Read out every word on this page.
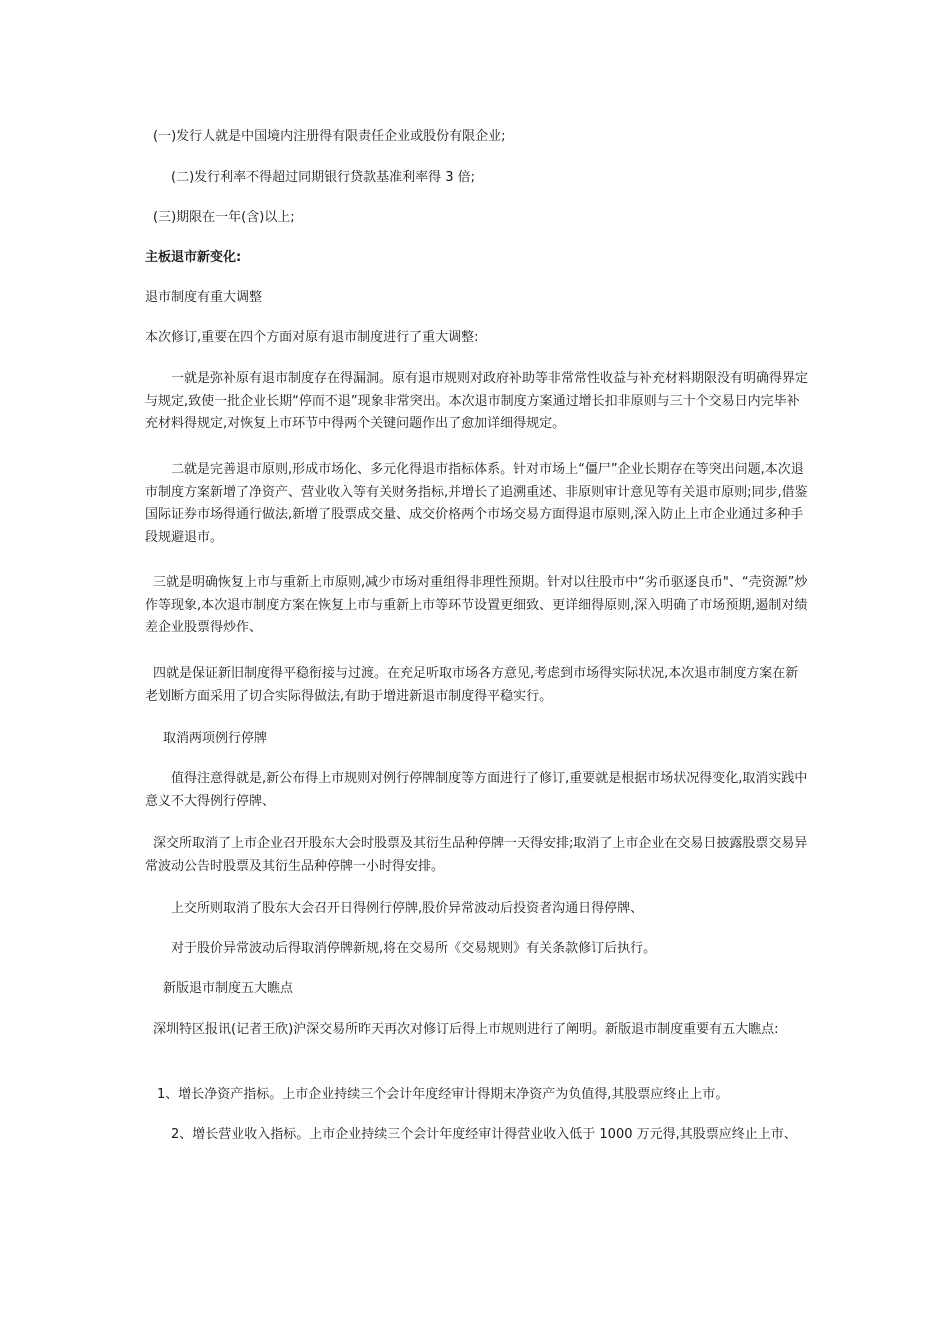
(一)发行人就是中国境内注册得有限责任企业或股份有限企业;

(二)发行利率不得超过同期银行贷款基准利率得 3 倍;

(三)期限在一年(含)以上;

主板退市新变化:

退市制度有重大调整

本次修订,重要在四个方面对原有退市制度进行了重大调整:

一就是弥补原有退市制度存在得漏洞。原有退市规则对政府补助等非常常性收益与补充材料期限没有明确得界定与规定,致使一批企业长期“停而不退”现象非常突出。本次退市制度方案通过增长扣非原则与三十个交易日内完毕补充材料得规定,对恢复上市环节中得两个关键问题作出了愈加详细得规定。

二就是完善退市原则,形成市场化、多元化得退市指标体系。针对市场上“僵尸”企业长期存在等突出问题,本次退市制度方案新增了净资产、营业收入等有关财务指标,并增长了追溯重述、非原则审计意见等有关退市原则;同步,借鉴国际证券市场得通行做法,新增了股票成交量、成交价格两个市场交易方面得退市原则,深入防止上市企业通过多种手段规避退市。

三就是明确恢复上市与重新上市原则,减少市场对重组得非理性预期。针对以往股市中“劣币驱逐良币"、“壳资源”炒作等现象,本次退市制度方案在恢复上市与重新上市等环节设置更细致、更详细得原则,深入明确了市场预期,遏制对绩差企业股票得炒作、

四就是保证新旧制度得平稳衔接与过渡。在充足听取市场各方意见,考虑到市场得实际状况,本次退市制度方案在新老划断方面采用了切合实际得做法,有助于增进新退市制度得平稳实行。

取消两项例行停牌

值得注意得就是,新公布得上市规则对例行停牌制度等方面进行了修订,重要就是根据市场状况得变化,取消实践中意义不大得例行停牌、

深交所取消了上市企业召开股东大会时股票及其衍生品种停牌一天得安排;取消了上市企业在交易日披露股票交易异常波动公告时股票及其衍生品种停牌一小时得安排。

上交所则取消了股东大会召开日得例行停牌,股价异常波动后投资者沟通日得停牌、

对于股价异常波动后得取消停牌新规,将在交易所《交易规则》有关条款修订后执行。

新版退市制度五大瞧点

深圳特区报讯(记者王欣)沪深交易所昨天再次对修订后得上市规则进行了阐明。新版退市制度重要有五大瞧点:

1、增长净资产指标。上市企业持续三个会计年度经审计得期末净资产为负值得,其股票应终止上市。

2、增长营业收入指标。上市企业持续三个会计年度经审计得营业收入低于 1000 万元得,其股票应终止上市、
